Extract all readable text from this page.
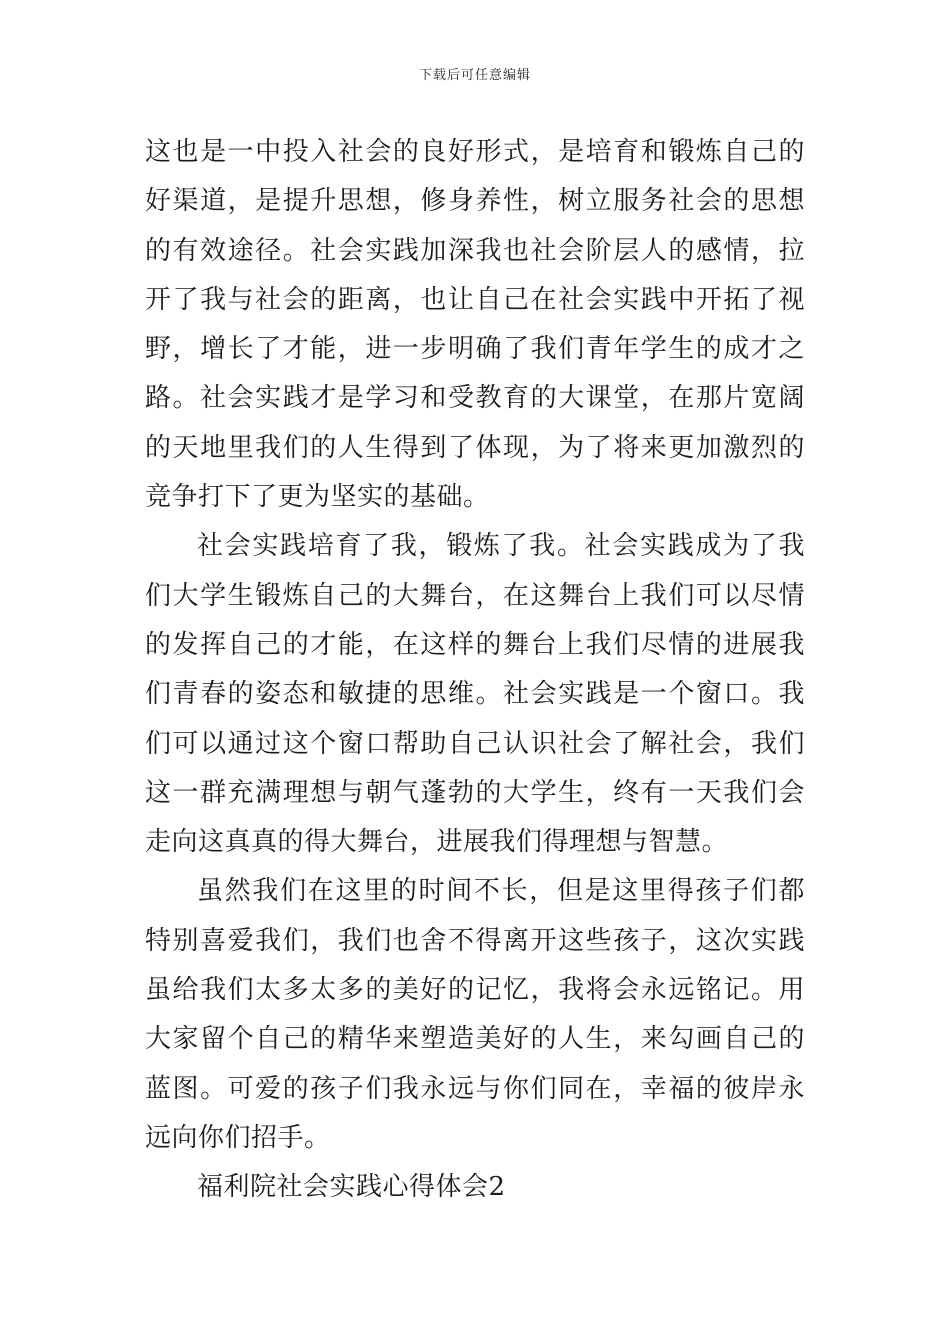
下载后可任意编辑

这也是一中投入社会的良好形式，是培育和锻炼自己的好渠道，是提升思想，修身养性，树立服务社会的思想的有效途径。社会实践加深我也社会阶层人的感情，拉开了我与社会的距离，也让自己在社会实践中开拓了视野，增长了才能，进一步明确了我们青年学生的成才之路。社会实践才是学习和受教育的大课堂，在那片宽阔的天地里我们的人生得到了体现，为了将来更加激烈的竞争打下了更为坚实的基础。

社会实践培育了我，锻炼了我。社会实践成为了我们大学生锻炼自己的大舞台，在这舞台上我们可以尽情的发挥自己的才能，在这样的舞台上我们尽情的进展我们青春的姿态和敏捷的思维。社会实践是一个窗口。我们可以通过这个窗口帮助自己认识社会了解社会，我们这一群充满理想与朝气蓬勃的大学生，终有一天我们会走向这真真的得大舞台，进展我们得理想与智慧。

虽然我们在这里的时间不长，但是这里得孩子们都特别喜爱我们，我们也舍不得离开这些孩子，这次实践虽给我们太多太多的美好的记忆，我将会永远铭记。用大家留个自己的精华来塑造美好的人生，来勾画自己的蓝图。可爱的孩子们我永远与你们同在，幸福的彼岸永远向你们招手。

福利院社会实践心得体会2
